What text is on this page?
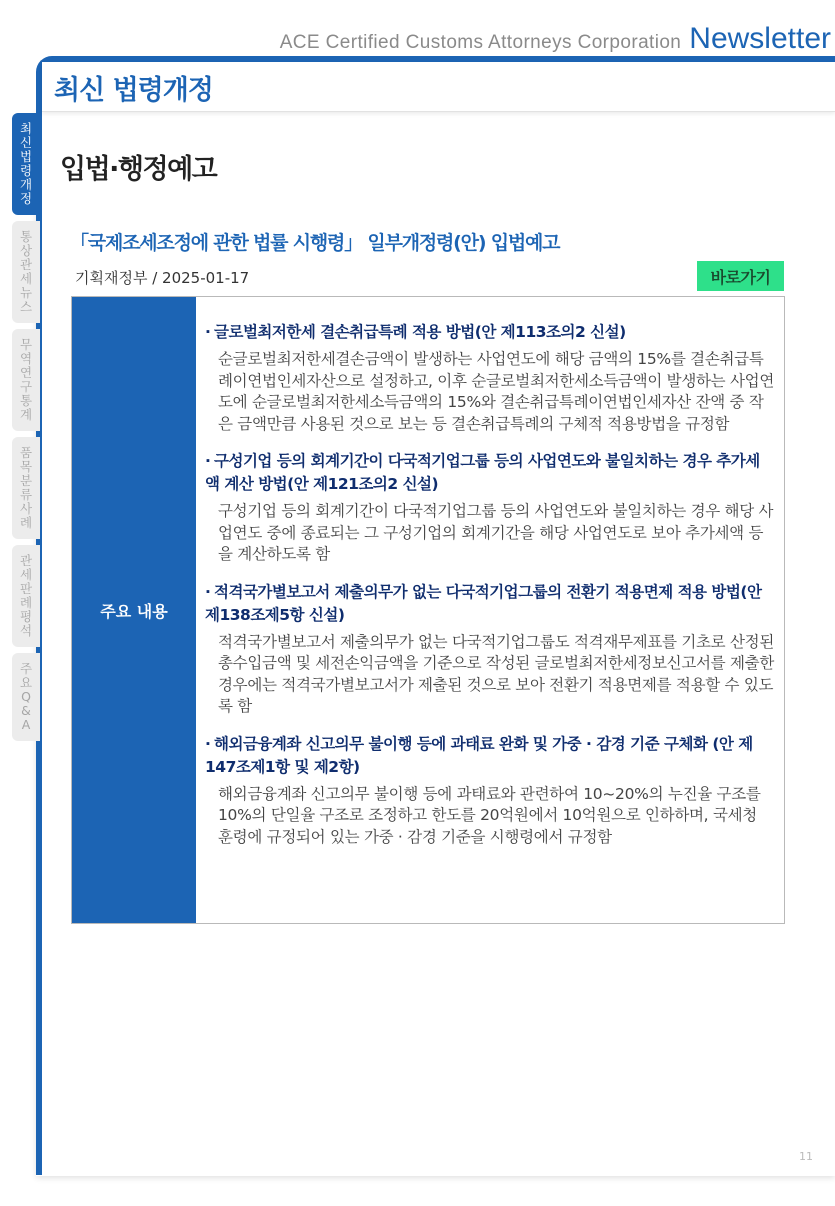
ACE Certified Customs Attorneys Corporation Newsletter
최신 법령개정
최
신
법
령
개
정
통
상
관
세
뉴
스
무
역
연
구
통
계
품
목
분
류
사
례
관
세
판
례
평
석
주
요
Q
&
A
입법·행정예고
「국제조세조정에 관한 법률 시행령」 일부개정령(안) 입법예고
기획재정부 / 2025-01-17	바로가기
주요 내용
· 글로벌최저한세 결손취급특례 적용 방법(안 제113조의2 신설)
순글로벌최저한세결손금액이 발생하는 사업연도에 해당 금액의 15%를 결손취급특례이연법인세자산으로 설정하고, 이후 순글로벌최저한세소득금액이 발생하는 사업연도에 순글로벌최저한세소득금액의 15%와 결손취급특례이연법인세자산 잔액 중 작은 금액만큼 사용된 것으로 보는 등 결손취급특례의 구체적 적용방법을 규정함
· 구성기업 등의 회계기간이 다국적기업그룹 등의 사업연도와 불일치하는 경우 추가세액 계산 방법(안 제121조의2 신설)
구성기업 등의 회계기간이 다국적기업그룹 등의 사업연도와 불일치하는 경우 해당 사업연도 중에 종료되는 그 구성기업의 회계기간을 해당 사업연도로 보아 추가세액 등을 계산하도록 함
· 적격국가별보고서 제출의무가 없는 다국적기업그룹의 전환기 적용면제 적용 방법(안 제138조제5항 신설)
적격국가별보고서 제출의무가 없는 다국적기업그룹도 적격재무제표를 기초로 산정된 총수입금액 및 세전손익금액을 기준으로 작성된 글로벌최저한세정보신고서를 제출한 경우에는 적격국가별보고서가 제출된 것으로 보아 전환기 적용면제를 적용할 수 있도록 함
· 해외금융계좌 신고의무 불이행 등에 과태료 완화 및 가중 · 감경 기준 구체화 (안 제147조제1항 및 제2항)
해외금융계좌 신고의무 불이행 등에 과태료와 관련하여 10~20%의 누진율 구조를 10%의 단일율 구조로 조정하고 한도를 20억원에서 10억원으로 인하하며, 국세청 훈령에 규정되어 있는 가중 · 감경 기준을 시행령에서 규정함
11
